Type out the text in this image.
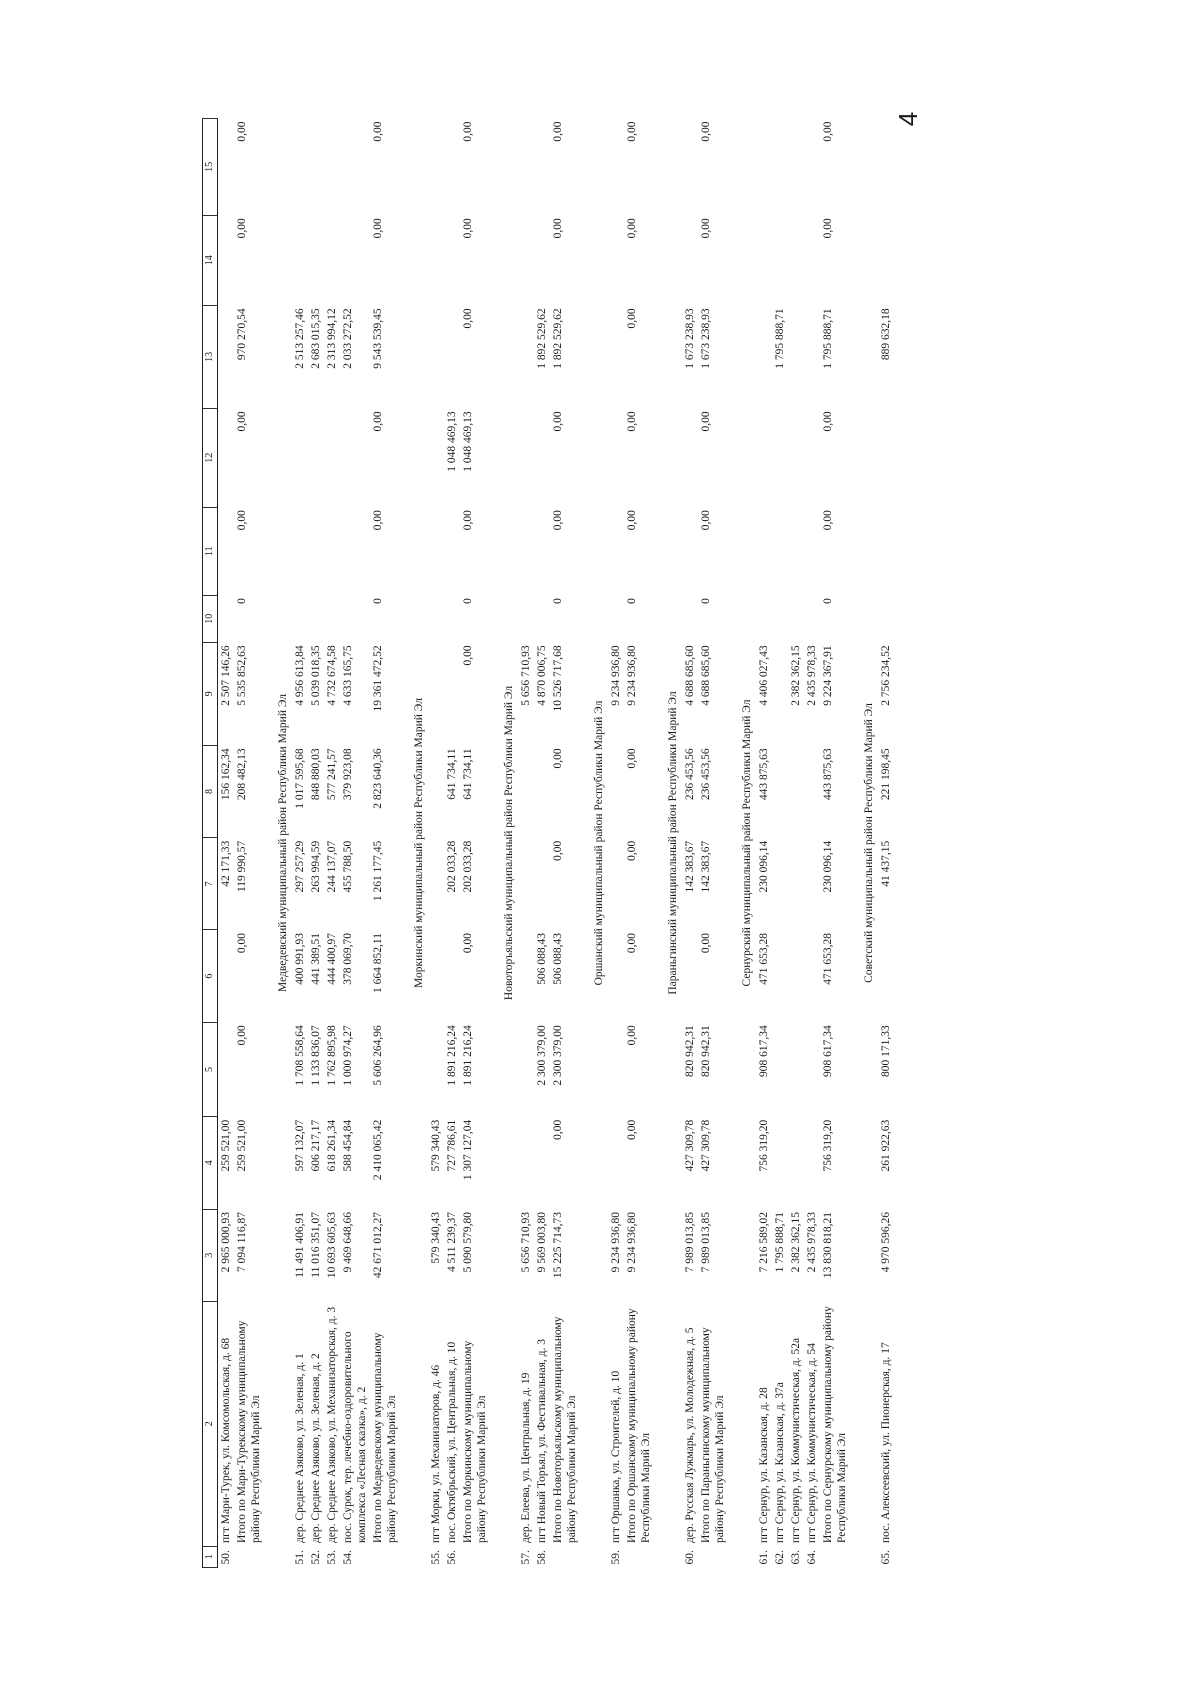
4
1	2	3	4	5	6	7	8	9	10	11	12	13	14	15
50.	пгт Мари-Турек, ул. Комсомольская, д. 68	2 965 000,93	259 521,00			42 171,33	156 162,34	2 507 146,26						
	Итого по Мари-Турекскому муниципальному району Республики Марий Эл	7 094 116,87	259 521,00	0,00	0,00	119 990,57	208 482,13	5 535 852,63	0	0,00	0,00	970 270,54	0,00	0,00
Медведевский муниципальный район Республики Марий Эл														
51.	дер. Среднее Азяково, ул. Зеленая, д. 1	11 491 406,91	597 132,07	1 708 558,64	400 991,93	297 257,29	1 017 595,68	4 956 613,84				2 513 257,46		
52.	дер. Среднее Азяково, ул. Зеленая, д. 2	11 016 351,07	606 217,17	1 133 836,07	441 389,51	263 994,59	848 880,03	5 039 018,35				2 683 015,35		
53.	дер. Среднее Азяково, ул. Механизаторская, д. 3	10 693 605,63	618 261,34	1 762 895,98	444 400,97	244 137,07	577 241,57	4 732 674,58				2 313 994,12		
54.	пос. Сурок, тер. лечебно-оздоровительного комплекса «Лесная сказка», д. 2	9 469 648,66	588 454,84	1 000 974,27	378 069,70	455 788,50	379 923,08	4 633 165,75				2 033 272,52		
	Итого по Медведевскому муниципальному району Республики Марий Эл	42 671 012,27	2 410 065,42	5 606 264,96	1 664 852,11	1 261 177,45	2 823 640,36	19 361 472,52	0	0,00	0,00	9 543 539,45	0,00	0,00
Моркинский муниципальный район Республики Марий Эл														
55.	пгт Морки, ул. Механизаторов, д. 46	579 340,43	579 340,43											
56.	пос. Октябрьский, ул. Центральная, д. 10	4 511 239,37	727 786,61	1 891 216,24		202 033,28	641 734,11				1 048 469,13			
	Итого по Моркинскому муниципальному району Республики Марий Эл	5 090 579,80	1 307 127,04	1 891 216,24	0,00	202 033,28	641 734,11	0,00	0	0,00	1 048 469,13	0,00	0,00	0,00
Новоторъяльский муниципальный район Республики Марий Эл														
57.	дер. Елеева, ул. Центральная, д. 19	5 656 710,93						5 656 710,93						
58.	пгт Новый Торъял, ул. Фестивальная, д. 3	9 569 003,80		2 300 379,00	506 088,43			4 870 006,75				1 892 529,62		
	Итого по Новоторъяльскому муниципальному району Республики Марий Эл	15 225 714,73	0,00	2 300 379,00	506 088,43	0,00	0,00	10 526 717,68	0	0,00	0,00	1 892 529,62	0,00	0,00
Оршанский муниципальный район Республики Марий Эл														
59.	пгт Оршанка, ул. Строителей, д. 10	9 234 936,80						9 234 936,80						
	Итого по Оршанскому муниципальному району Республики Марий Эл	9 234 936,80	0,00	0,00	0,00	0,00	0,00	9 234 936,80	0	0,00	0,00	0,00	0,00	0,00
Параньгинский муниципальный район Республики Марий Эл														
60.	дер. Русская Лужмарь, ул. Молодежная, д. 5	7 989 013,85	427 309,78	820 942,31		142 383,67	236 453,56	4 688 685,60				1 673 238,93		
	Итого по Параньгинскому муниципальному району Республики Марий Эл	7 989 013,85	427 309,78	820 942,31	0,00	142 383,67	236 453,56	4 688 685,60	0	0,00	0,00	1 673 238,93	0,00	0,00
Сернурский муниципальный район Республики Марий Эл														
61.	пгт Сернур, ул. Казанская, д. 28	7 216 589,02	756 319,20	908 617,34	471 653,28	230 096,14	443 875,63	4 406 027,43						
62.	пгт Сернур, ул. Казанская, д. 37а	1 795 888,71										1 795 888,71		
63.	пгт Сернур, ул. Коммунистическая, д. 52а	2 382 362,15						2 382 362,15						
64.	пгт Сернур, ул. Коммунистическая, д. 54	2 435 978,33						2 435 978,33						
	Итого по Сернурскому муниципальному району Республики Марий Эл	13 830 818,21	756 319,20	908 617,34	471 653,28	230 096,14	443 875,63	9 224 367,91	0	0,00	0,00	1 795 888,71	0,00	0,00
Советский муниципальный район Республики Марий Эл														
65.	пос. Алексеевский, ул. Пионерская, д. 17	4 970 596,26	261 922,63	800 171,33		41 437,15	221 198,45	2 756 234,52				889 632,18		
